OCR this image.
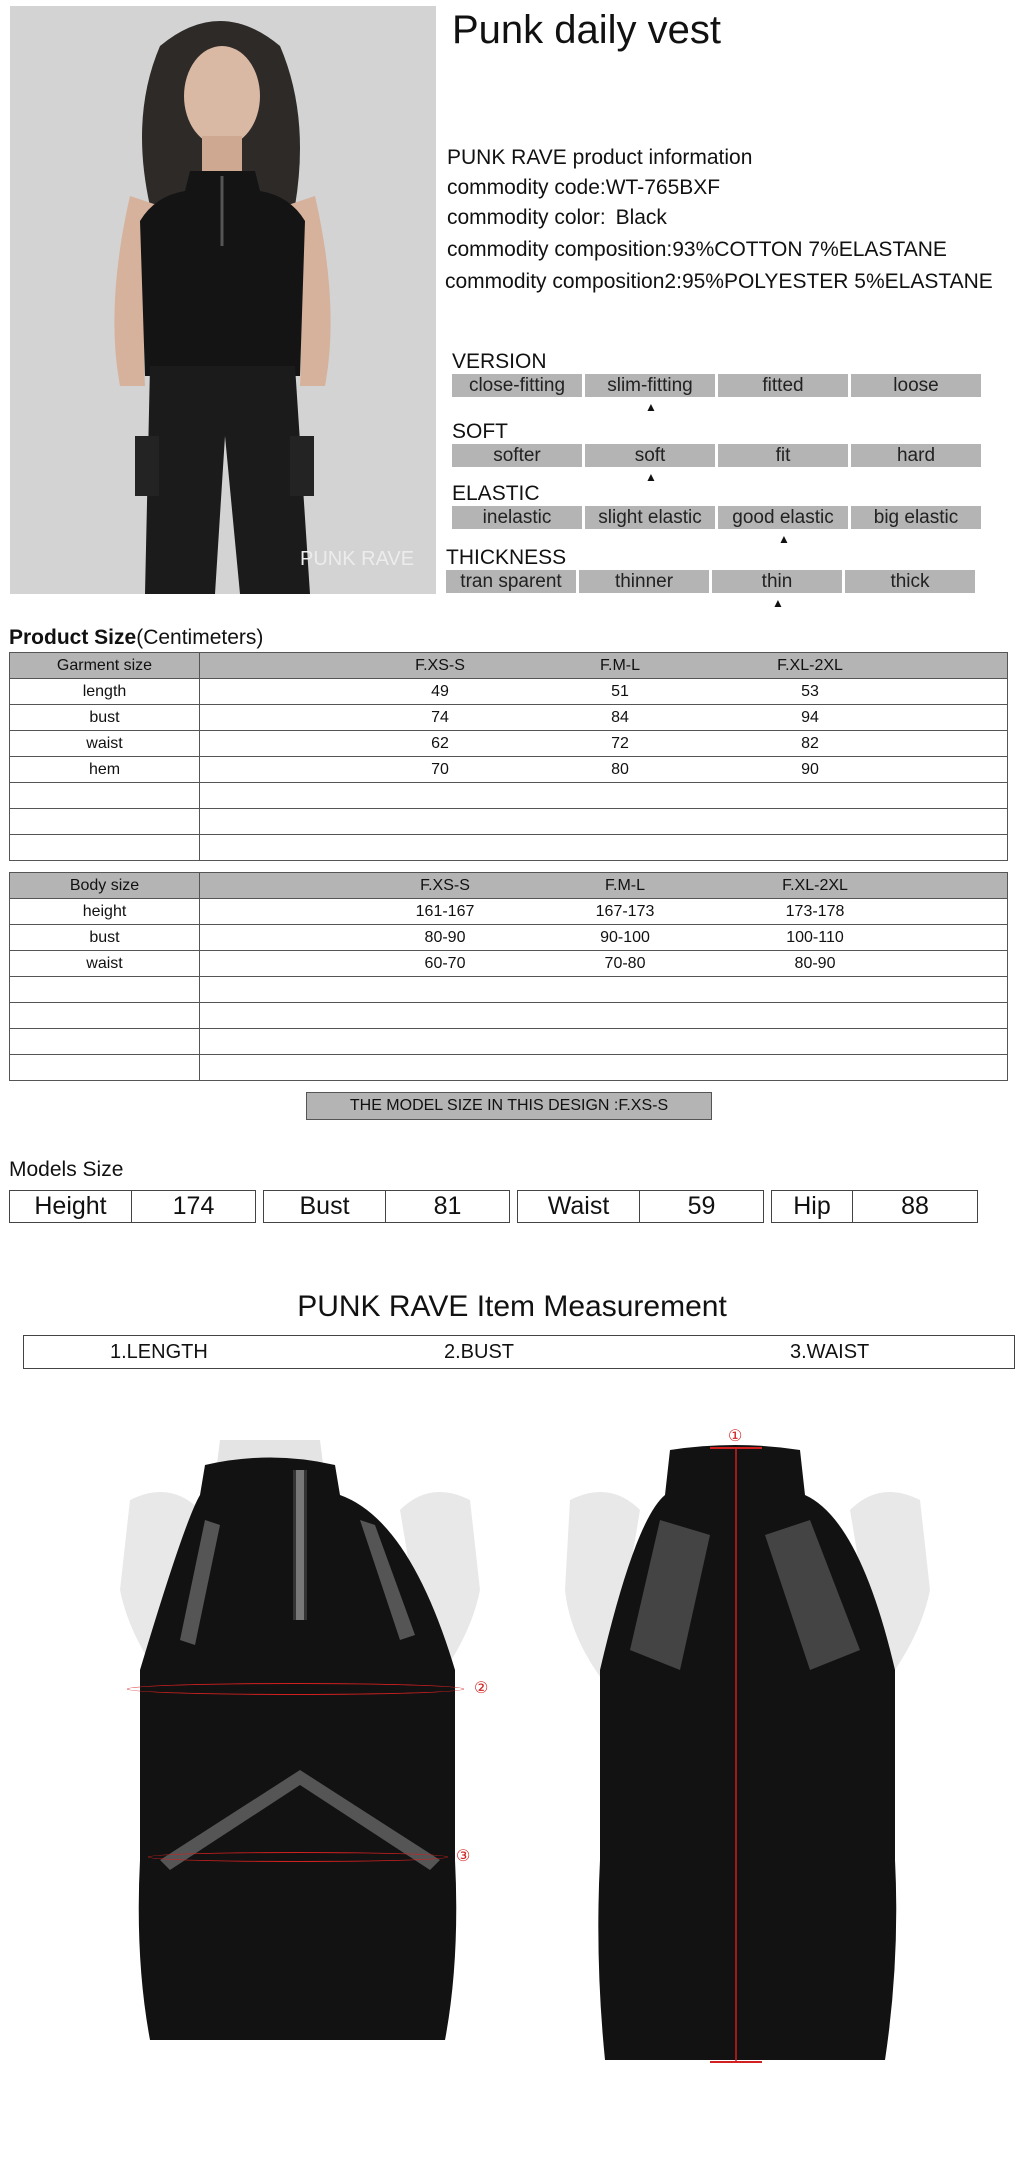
PUNK RAVE
Punk daily vest
PUNK RAVE product information
commodity code:WT-765BXF
commodity color: Black
commodity composition:93%COTTON 7%ELASTANE
commodity composition2:95%POLYESTER 5%ELASTANE
VERSION
close-fitting	slim-fitting	fitted	loose
▲
SOFT
softer	soft	fit	hard
▲
ELASTIC
inelastic	slight elastic	good elastic	big elastic
▲
THICKNESS
tran sparent	thinner	thin	thick
▲
Product Size(Centimeters)
Garment size	F.XS-S F.M-L F.XL-2XL

length	49 51 53

bust	74 84 94

waist	62 72 82

hem	70 80 90

Body size	F.XS-S F.M-L F.XL-2XL

height	161-167 167-173 173-178

bust	80-90 90-100 100-110

waist	60-70 70-80 80-90

THE MODEL SIZE IN THIS DESIGN :F.XS-S
Models Size
Height	174	Bust	81	Waist	59	Hip	88
PUNK RAVE Item Measurement
1.LENGTH	2.BUST	3.WAIST
②
③
①
